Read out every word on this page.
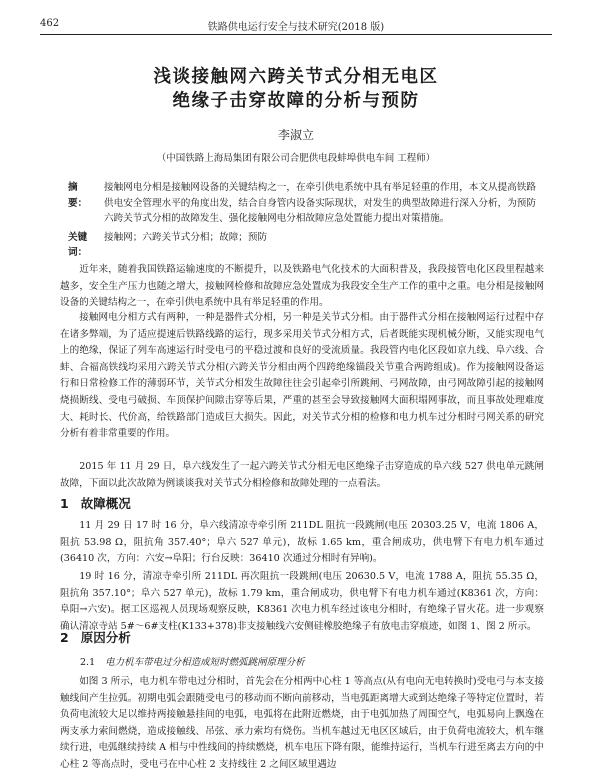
462	铁路供电运行安全与技术研究(2018 版)
浅谈接触网六跨关节式分相无电区
绝缘子击穿故障的分析与预防
李淑立
（中国铁路上海局集团有限公司合肥供电段蚌埠供电车间 工程师）
摘　要：
接触网电分相是接触网设备的关键结构之一，在牵引供电系统中具有举足轻重的作用，本文从提高铁路供电安全管理水平的角度出发，结合自身管内设备实际现状，对发生的典型故障进行深入分析，为预防六跨关节式分相的故障发生、强化接触网电分相故障应急处置能力提出对策措施。
关键词：
接触网；六跨关节式分相；故障；预防

近年来，随着我国铁路运输速度的不断提升，以及铁路电气化技术的大面积普及，我段接管电化区段里程越来越多，安全生产压力也随之增大，接触网检修和故障应急处置成为我段安全生产工作的重中之重。电分相是接触网设备的关键结构之一，在牵引供电系统中具有举足轻重的作用。

接触网电分相方式有两种，一种是器件式分相，另一种是关节式分相。由于器件式分相在接触网运行过程中存在诸多弊端，为了适应提速后铁路线路的运行，现多采用关节式分相方式，后者既能实现机械分断，又能实现电气上的绝缘，保证了列车高速运行时受电弓的平稳过渡和良好的受流质量。我段管内电化区段如京九线、阜六线、合蚌、合福高铁线均采用六跨关节式分相(六跨关节分相由两个四跨绝缘锚段关节重合两跨组成)。作为接触网设备运行和日常检修工作的薄弱环节，关节式分相发生故障往往会引起牵引所跳闸、弓网故障，由弓网故障引起的接触网烧损断线、受电弓破损、车顶保护间隙击穿等后果，严重的甚至会导致接触网大面积塌网事故，而且事故处理难度大、耗时长、代价高，给铁路部门造成巨大损失。因此，对关节式分相的检修和电力机车过分相时弓网关系的研究分析有着非常重要的作用。

2015 年 11 月 29 日，阜六线发生了一起六跨关节式分相无电区绝缘子击穿造成的阜六线 527 供电单元跳闸故障，下面以此次故障为例谈谈我对关节式分相检修和故障处理的一点看法。

1 故障概况

11 月 29 日 17 时 16 分，阜六线清凉寺牵引所 211DL 阻抗一段跳闸(电压 20303.25 V，电流 1806 A，阻抗 53.98 Ω，阻抗角 357.40°；阜六 527 单元)，故标 1.65 km，重合闸成功，供电臂下有电力机车通过(36410 次，方向：六安→阜阳；行台反映：36410 次通过分相时有异响)。

19 时 16 分，清凉寺牵引所 211DL 再次阻抗一段跳闸(电压 20630.5 V，电流 1788 A，阻抗 55.35 Ω，阻抗角 357.10°；阜六 527 单元)，故标 1.79 km，重合闸成功，供电臂下有电力机车通过(K8361 次，方向：阜阳→六安)。据工区巡视人员现场观察反映，K8361 次电力机车经过该电分相时，有绝缘子冒火花。进一步观察确认清凉寺站 5#～6#支柱(K133+378)非支接触线六安侧硅橡胶绝缘子有放电击穿痕迹，如图 1、图 2 所示。

2 原因分析
2.1 电力机车带电过分相造成短时燃弧跳闸原理分析

如图 3 所示，电力机车带电过分相时，首先会在分相两中心柱 1 等高点(从有电向无电转换时)受电弓与本支接触线间产生拉弧。初期电弧会跟随受电弓的移动而不断向前移动，当电弧距离增大或到达绝缘子等特定位置时，若负荷电流较大足以维持两接触悬挂间的电弧，电弧将在此附近燃烧，由于电弧加热了周围空气，电弧易向上飘逸在两支承力索间燃烧，造成接触线、吊弦、承力索均有烧伤。当机车越过无电区区域后，由于负荷电流较大，机车继续行进，电弧继续持续 A 相与中性线间的持续燃烧，机车电压下降有限，能维持运行，当机车行进至离去方向的中心柱 2 等高点时，受电弓在中心柱 2 支持线往 2 之间区域里遇边
